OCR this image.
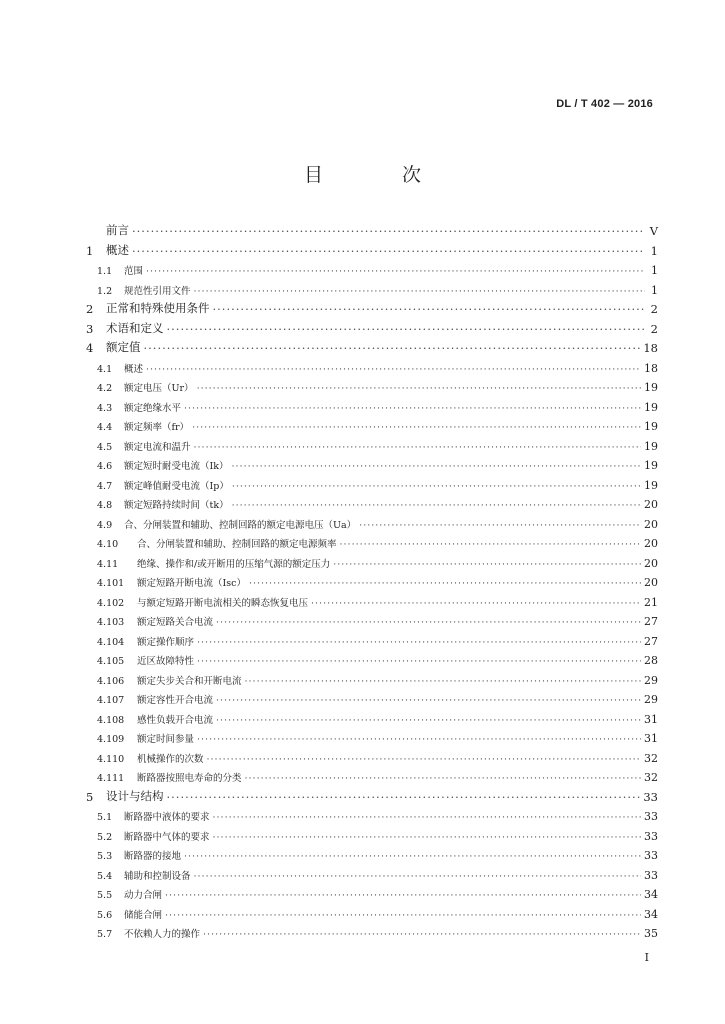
DL / T 402 — 2016
目　次
前言 ·····	V
1	概述 ·····	1
1.1	范围 ·····	1
1.2	规范性引用文件 ·····	1
2	正常和特殊使用条件 ·····	2
3	术语和定义 ·····	2
4	额定值 ·····	18
4.1	概述 ·····	18
4.2	额定电压（Ur） ·····	19
4.3	额定绝缘水平 ·····	19
4.4	额定频率（fr） ·····	19
4.5	额定电流和温升 ·····	19
4.6	额定短时耐受电流（Ik） ·····	19
4.7	额定峰值耐受电流（Ip） ·····	19
4.8	额定短路持续时间（tk） ·····	20
4.9	合、分闸装置和辅助、控制回路的额定电源电压（Ua） ·····	20
4.10	合、分闸装置和辅助、控制回路的额定电源频率 ·····	20
4.11	绝缘、操作和/或开断用的压缩气源的额定压力 ·····	20
4.101	额定短路开断电流（Isc） ·····	20
4.102	与额定短路开断电流相关的瞬态恢复电压 ·····	21
4.103	额定短路关合电流 ·····	27
4.104	额定操作顺序 ·····	27
4.105	近区故障特性 ·····	28
4.106	额定失步关合和开断电流 ·····	29
4.107	额定容性开合电流 ·····	29
4.108	感性负载开合电流 ·····	31
4.109	额定时间参量 ·····	31
4.110	机械操作的次数 ·····	32
4.111	断路器按照电寿命的分类 ·····	32
5	设计与结构 ·····	33
5.1	断路器中液体的要求 ·····	33
5.2	断路器中气体的要求 ·····	33
5.3	断路器的接地 ·····	33
5.4	辅助和控制设备 ·····	33
5.5	动力合闸 ·····	34
5.6	储能合闸 ·····	34
5.7	不依赖人力的操作 ·····	35
I
